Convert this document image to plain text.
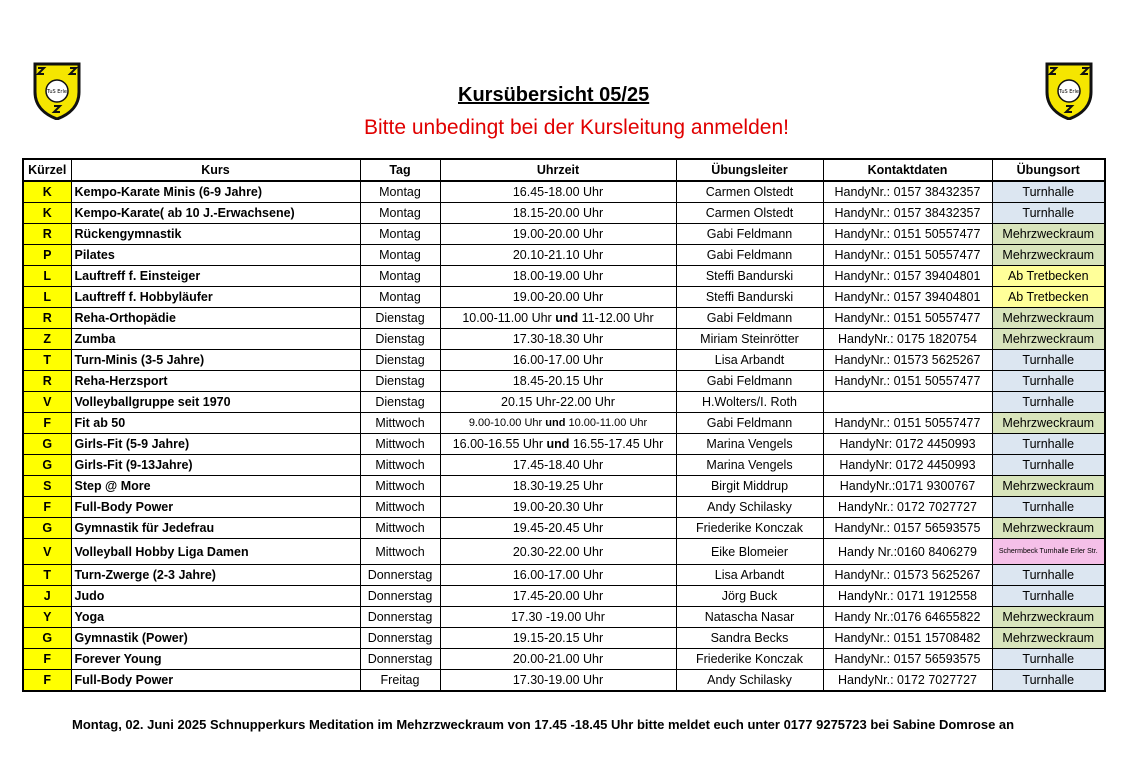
TuS Erle	TuS Erle
Kursübersicht 05/25
Bitte unbedingt bei der Kursleitung anmelden!
Kürzel	Kurs	Tag	Uhrzeit	Übungsleiter	Kontaktdaten	Übungsort
K	Kempo-Karate Minis (6-9 Jahre)	Montag	16.45-18.00 Uhr	Carmen Olstedt	HandyNr.: 0157 38432357	Turnhalle
K	Kempo-Karate( ab 10 J.-Erwachsene)	Montag	18.15-20.00 Uhr	Carmen Olstedt	HandyNr.: 0157 38432357	Turnhalle
R	Rückengymnastik	Montag	19.00-20.00 Uhr	Gabi Feldmann	HandyNr.: 0151 50557477	Mehrzweckraum
P	Pilates	Montag	20.10-21.10 Uhr	Gabi Feldmann	HandyNr.: 0151 50557477	Mehrzweckraum
L	Lauftreff f. Einsteiger	Montag	18.00-19.00 Uhr	Steffi Bandurski	HandyNr.: 0157 39404801	Ab Tretbecken
L	Lauftreff f. Hobbyläufer	Montag	19.00-20.00 Uhr	Steffi Bandurski	HandyNr.: 0157 39404801	Ab Tretbecken
R	Reha-Orthopädie	Dienstag	10.00-11.00 Uhr und 11-12.00 Uhr	Gabi Feldmann	HandyNr.: 0151 50557477	Mehrzweckraum
Z	Zumba	Dienstag	17.30-18.30 Uhr	Miriam Steinrötter	HandyNr.: 0175 1820754	Mehrzweckraum
T	Turn-Minis (3-5 Jahre)	Dienstag	16.00-17.00 Uhr	Lisa Arbandt	HandyNr.: 01573 5625267	Turnhalle
R	Reha-Herzsport	Dienstag	18.45-20.15 Uhr	Gabi Feldmann	HandyNr.: 0151 50557477	Turnhalle
V	Volleyballgruppe seit 1970	Dienstag	20.15 Uhr-22.00 Uhr	H.Wolters/I. Roth		Turnhalle
F	Fit ab 50	Mittwoch	9.00-10.00 Uhr und 10.00-11.00 Uhr	Gabi Feldmann	HandyNr.: 0151 50557477	Mehrzweckraum
G	Girls-Fit (5-9 Jahre)	Mittwoch	16.00-16.55 Uhr und 16.55-17.45 Uhr	Marina Vengels	HandyNr: 0172 4450993	Turnhalle
G	Girls-Fit (9-13Jahre)	Mittwoch	17.45-18.40 Uhr	Marina Vengels	HandyNr: 0172 4450993	Turnhalle
S	Step @ More	Mittwoch	18.30-19.25 Uhr	Birgit Middrup	HandyNr.:0171 9300767	Mehrzweckraum
F	Full-Body Power	Mittwoch	19.00-20.30 Uhr	Andy Schilasky	HandyNr.: 0172 7027727	Turnhalle
G	Gymnastik für Jedefrau	Mittwoch	19.45-20.45 Uhr	Friederike Konczak	HandyNr.: 0157 56593575	Mehrzweckraum
V	Volleyball Hobby Liga Damen	Mittwoch	20.30-22.00 Uhr	Eike Blomeier	Handy Nr.:0160 8406279	Schermbeck Turnhalle Erler Str.
T	Turn-Zwerge (2-3 Jahre)	Donnerstag	16.00-17.00 Uhr	Lisa Arbandt	HandyNr.: 01573 5625267	Turnhalle
J	Judo	Donnerstag	17.45-20.00 Uhr	Jörg Buck	HandyNr.: 0171 1912558	Turnhalle
Y	Yoga	Donnerstag	17.30 -19.00 Uhr	Natascha Nasar	Handy Nr.:0176 64655822	Mehrzweckraum
G	Gymnastik (Power)	Donnerstag	19.15-20.15 Uhr	Sandra Becks	HandyNr.: 0151 15708482	Mehrzweckraum
F	Forever Young	Donnerstag	20.00-21.00 Uhr	Friederike Konczak	HandyNr.: 0157 56593575	Turnhalle
F	Full-Body Power	Freitag	17.30-19.00 Uhr	Andy Schilasky	HandyNr.: 0172 7027727	Turnhalle
Montag, 02. Juni 2025 Schnupperkurs Meditation im Mehzrzweckraum von 17.45 -18.45 Uhr bitte meldet euch unter 0177 9275723 bei Sabine Domrose an
